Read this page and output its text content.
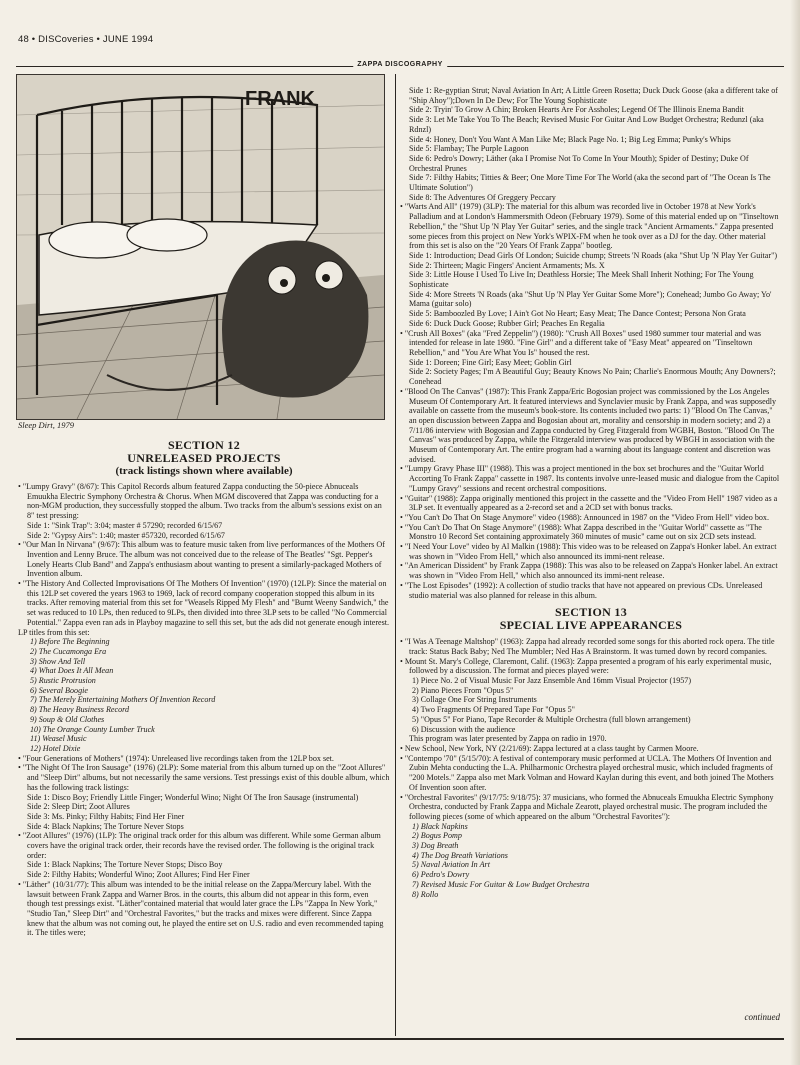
48 • DISCoveries • JUNE 1994
ZAPPA DISCOGRAPHY
FRANK
Sleep Dirt, 1979
SECTION 12
UNRELEASED PROJECTS
(track listings shown where available)

• "Lumpy Gravy" (8/67): This Capitol Records album featured Zappa conducting the 50-piece Abnuceals Emuukha Electric Symphony Orchestra & Chorus. When MGM discovered that Zappa was conducting for a non-MGM production, they successfully stopped the album. Two tracks from the album's sessions exist on an 8" test pressing:

Side 1: "Sink Trap": 3:04; master # 57290; recorded 6/15/67

Side 2: "Gypsy Airs": 1:40; master #57320, recorded 6/15/67

• "Our Man In Nirvana" (9/67): This album was to feature music taken from live performances of the Mothers Of Invention and Lenny Bruce. The album was not conceived due to the release of The Beatles' "Sgt. Pepper's Lonely Hearts Club Band" and Zappa's enthusiasm about wanting to present a similarly-packaged Mothers of Invention album.

• "The History And Collected Improvisations Of The Mothers Of Invention" (1970) (12LP): Since the material on this 12LP set covered the years 1963 to 1969, lack of record company cooperation stopped this album in its tracks. After removing material from this set for "Weasels Ripped My Flesh" and "Burnt Weeny Sandwich," the set was reduced to 10 LPs, then reduced to 9LPs, then divided into three 3LP sets to be called "No Commercial Potential." Zappa even ran ads in Playboy magazine to sell this set, but the ads did not generate enough interest.

LP titles from this set:

1) Before The Beginning
2) The Cucamonga Era
3) Show And Tell
4) What Does It All Mean
5) Rustic Protrusion
6) Several Boogie
7) The Merely Entertaining Mothers Of Invention Record
8) The Heavy Business Record
9) Soup & Old Clothes
10) The Orange County Lumber Truck
11) Weasel Music
12) Hotel Dixie

• "Four Generations of Mothers" (1974): Unreleased live recordings taken from the 12LP box set.

• "The Night Of The Iron Sausage" (1976) (2LP): Some material from this album turned up on the "Zoot Allures" and "Sleep Dirt" albums, but not necessarily the same versions. Test pressings exist of this double album, which has the following track listings:

Side 1: Disco Boy; Friendly Little Finger; Wonderful Wino; Night Of The Iron Sausage (instrumental)

Side 2: Sleep Dirt; Zoot Allures

Side 3: Ms. Pinky; Filthy Habits; Find Her Finer

Side 4: Black Napkins; The Torture Never Stops

• "Zoot Allures" (1976) (1LP): The original track order for this album was different. While some German album covers have the original track order, their records have the revised order. The following is the original track order:

Side 1: Black Napkins; The Torture Never Stops; Disco Boy

Side 2: Filthy Habits; Wonderful Wino; Zoot Allures; Find Her Finer

• "Läther" (10/31/77): This album was intended to be the initial release on the Zappa/Mercury label. With the lawsuit between Frank Zappa and Warner Bros. in the courts, this album did not appear in this form, even though test pressings exist. "Läther"contained material that would later grace the LPs "Zappa In New York," "Studio Tan," Sleep Dirt" and "Orchestral Favorites," but the tracks and mixes were different. Since Zappa knew that the album was not coming out, he played the entire set on U.S. radio and even recommended taping it. The titles were;

Side 1: Re-gyptian Strut; Naval Aviation In Art; A Little Green Rosetta; Duck Duck Goose (aka a different take of "Ship Ahoy");Down In De Dew; For The Young Sophisticate

Side 2: Tryin' To Grow A Chin; Broken Hearts Are For Assholes; Legend Of The Illinois Enema Bandit

Side 3: Let Me Take You To The Beach; Revised Music For Guitar And Low Budget Orchestra; Redunzl (aka Rdnzl)

Side 4: Honey, Don't You Want A Man Like Me; Black Page No. 1; Big Leg Emma; Punky's Whips

Side 5: Flambay; The Purple Lagoon

Side 6: Pedro's Dowry; Läther (aka I Promise Not To Come In Your Mouth); Spider of Destiny; Duke Of Orchestral Prunes

Side 7: Filthy Habits; Titties & Beer; One More Time For The World (aka the second part of "The Ocean Is The Ultimate Solution")

Side 8: The Adventures Of Greggery Peccary

• "Warts And All" (1979) (3LP): The material for this album was recorded live in October 1978 at New York's Palladium and at London's Hammersmith Odeon (February 1979). Some of this material ended up on "Tinseltown Rebellion," the "Shut Up 'N Play Yer Guitar" series, and the single track "Ancient Armaments." Zappa presented some pieces from this project on New York's WPIX-FM when he took over as a DJ for the day. Other material from this set is also on the "20 Years Of Frank Zappa" bootleg.

Side 1: Introduction; Dead Girls Of London; Suicide chump; Streets 'N Roads (aka "Shut Up 'N Play Yer Guitar")

Side 2: Thirteen; Magic Fingers' Ancient Armaments; Ms. X

Side 3: Little House I Used To Live In; Deathless Horsie; The Meek Shall Inherit Nothing; For The Young Sophisticate

Side 4: More Streets 'N Roads (aka "Shut Up 'N Play Yer Guitar Some More"); Conehead; Jumbo Go Away; Yo' Mama (guitar solo)

Side 5: Bamboozled By Love; I Ain't Got No Heart; Easy Meat; The Dance Contest; Persona Non Grata

Side 6: Duck Duck Goose; Rubber Girl; Peaches En Regalia

• "Crush All Boxes" (aka "Fred Zeppelin") (1980): "Crush All Boxes" used 1980 summer tour material and was intended for release in late 1980. "Fine Girl" and a different take of "Easy Meat" appeared on "Tinseltown Rebellion," and "You Are What You Is" housed the rest.

Side 1: Doreen; Fine Girl; Easy Meet; Goblin Girl

Side 2: Society Pages; I'm A Beautiful Guy; Beauty Knows No Pain; Charlie's Enormous Mouth; Any Downers?; Conehead

• "Blood On The Canvas" (1987): This Frank Zappa/Eric Bogosian project was commissioned by the Los Angeles Museum Of Contemporary Art. It featured interviews and Synclavier music by Frank Zappa, and was supposedly available on cassette from the museum's book-store. Its contents included two parts: 1) "Blood On The Canvas," an open discussion between Zappa and Bogosian about art, morality and censorship in modern society; and 2) a 7/11/86 interview with Bogosian and Zappa conducted by Greg Fitzgerald from WGBH, Boston. "Blood On The Canvas" was produced by Zappa, while the Fitzgerald interview was produced by WBGH in association with the Museum of Contemporary Art. The entire program had a warning about its language content and discretion was advised.

• "Lumpy Gravy Phase III" (1988). This was a project mentioned in the box set brochures and the "Guitar World Accorting To Frank Zappa" cassette in 1987. Its contents involve unre-leased music and dialogue from the Capitol "Lumpy Gravy" sessions and recent orchestral compositions.

• "Guitar" (1988): Zappa originally mentioned this project in the cassette and the "Video From Hell" 1987 video as a 3LP set. It eventually appeared as a 2-record set and a 2CD set with bonus tracks.

• "You Can't Do That On Stage Anymore" video (1988): Announced in 1987 on the "Video From Hell" video box.

• "You Can't Do That On Stage Anymore" (1988): What Zappa described in the "Guitar World" cassette as "The Monstro 10 Record Set containing approximately 360 minutes of music" came out on six 2CD sets instead.

• "I Need Your Love" video by Al Malkin (1988): This video was to be released on Zappa's Honker label. An extract was shown in "Video From Hell," which also announced its immi-nent release.

• "An American Dissident" by Frank Zappa (1988): This was also to be released on Zappa's Honker label. An extract was shown in "Video From Hell," which also announced its immi-nent release.

• "The Lost Episodes" (1992): A collection of studio tracks that have not appeared on previous CDs. Unreleased studio material was also planned for release in this album.

SECTION 13
SPECIAL LIVE APPEARANCES

• "I Was A Teenage Maltshop" (1963): Zappa had already recorded some songs for this aborted rock opera. The title track: Status Back Baby; Ned The Mumbler; Ned Has A Brainstorm. It was turned down by record companies.

• Mount St. Mary's College, Claremont, Calif. (1963): Zappa presented a program of his early experimental music, followed by a discussion. The format and pieces played were:

1) Piece No. 2 of Visual Music For Jazz Ensemble And 16mm Visual Projector (1957)
2) Piano Pieces From "Opus 5"
3) Collage One For String Instruments
4) Two Fragments Of Prepared Tape For "Opus 5"
5) "Opus 5" For Piano, Tape Recorder & Multiple Orchestra (full blown arrangement)
6) Discussion with the audience

This program was later presented by Zappa on radio in 1970.

• New School, New York, NY (2/21/69): Zappa lectured at a class taught by Carmen Moore.

• "Contempo '70" (5/15/70): A festival of contemporary music performed at UCLA. The Mothers Of Invention and Zubin Mehta conducting the L.A. Philharmonic Orchestra played orchestral music, which included fragments of "200 Motels." Zappa also met Mark Volman and Howard Kaylan during this event, and both joined The Mothers Of Invention soon after.

• "Orchestral Favorites" (9/17/75: 9/18/75): 37 musicians, who formed the Abnuceals Emuukha Electric Symphony Orchestra, conducted by Frank Zappa and Michale Zearott, played orchestral music. The program included the following pieces (some of which appeared on the album "Orchestral Favorites"):

1) Black Napkins
2) Bogus Pomp
3) Dog Breath
4) The Dog Breath Variations
5) Naval Aviation In Art
6) Pedro's Dowry
7) Revised Music For Guitar & Low Budget Orchestra
8) Rollo
continued
